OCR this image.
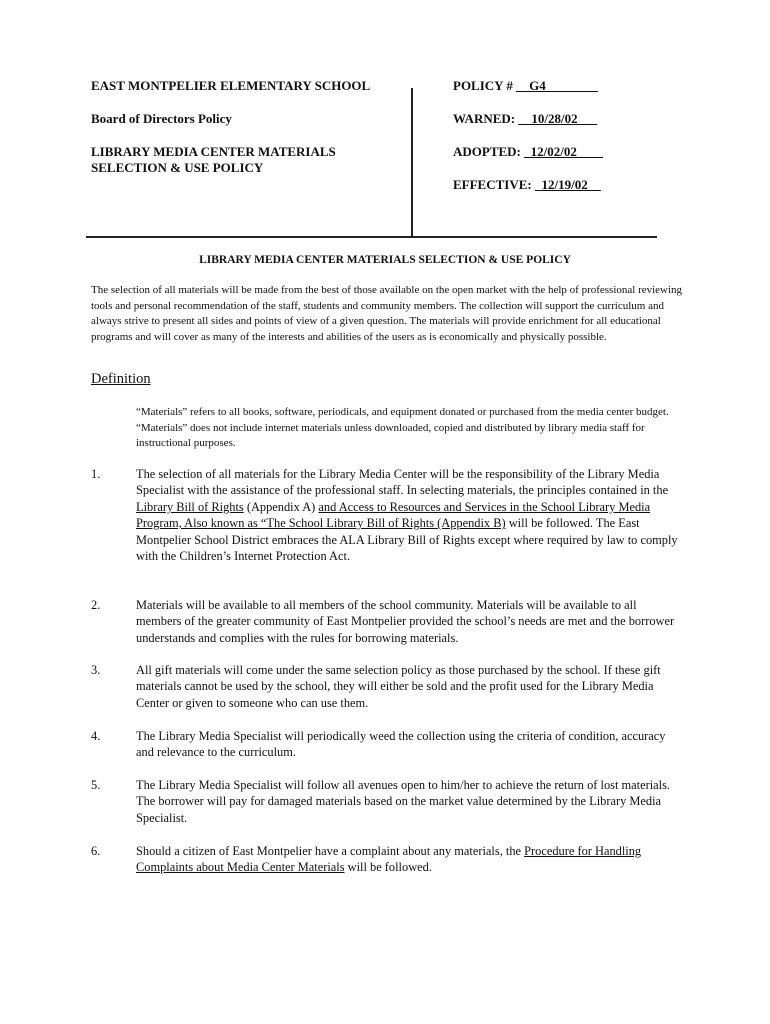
EAST MONTPELIER ELEMENTARY SCHOOL
Board of Directors Policy
LIBRARY MEDIA CENTER MATERIALS
SELECTION & USE POLICY
POLICY # __G4________
WARNED: __10/28/02___
ADOPTED: _12/02/02____
EFFECTIVE: _12/19/02__
LIBRARY MEDIA CENTER MATERIALS SELECTION & USE POLICY
The selection of all materials will be made from the best of those available on the open market with the help of professional reviewing tools and personal recommendation of the staff, students and community members. The collection will support the curriculum and always strive to present all sides and points of view of a given question. The materials will provide enrichment for all educational programs and will cover as many of the interests and abilities of the users as is economically and physically possible.
Definition
“Materials” refers to all books, software, periodicals, and equipment donated or purchased from the media center budget. “Materials” does not include internet materials unless downloaded, copied and distributed by library media staff for instructional purposes.
1.	The selection of all materials for the Library Media Center will be the responsibility of the Library Media Specialist with the assistance of the professional staff. In selecting materials, the principles contained in the Library Bill of Rights (Appendix A) and Access to Resources and Services in the School Library Media Program, Also known as “The School Library Bill of Rights (Appendix B) will be followed. The East Montpelier School District embraces the ALA Library Bill of Rights except where required by law to comply with the Children’s Internet Protection Act.
2.	Materials will be available to all members of the school community. Materials will be available to all members of the greater community of East Montpelier provided the school’s needs are met and the borrower understands and complies with the rules for borrowing materials.
3.	All gift materials will come under the same selection policy as those purchased by the school. If these gift materials cannot be used by the school, they will either be sold and the profit used for the Library Media Center or given to someone who can use them.
4.	The Library Media Specialist will periodically weed the collection using the criteria of condition, accuracy and relevance to the curriculum.
5.	The Library Media Specialist will follow all avenues open to him/her to achieve the return of lost materials. The borrower will pay for damaged materials based on the market value determined by the Library Media Specialist.
6.	Should a citizen of East Montpelier have a complaint about any materials, the Procedure for Handling Complaints about Media Center Materials will be followed.
